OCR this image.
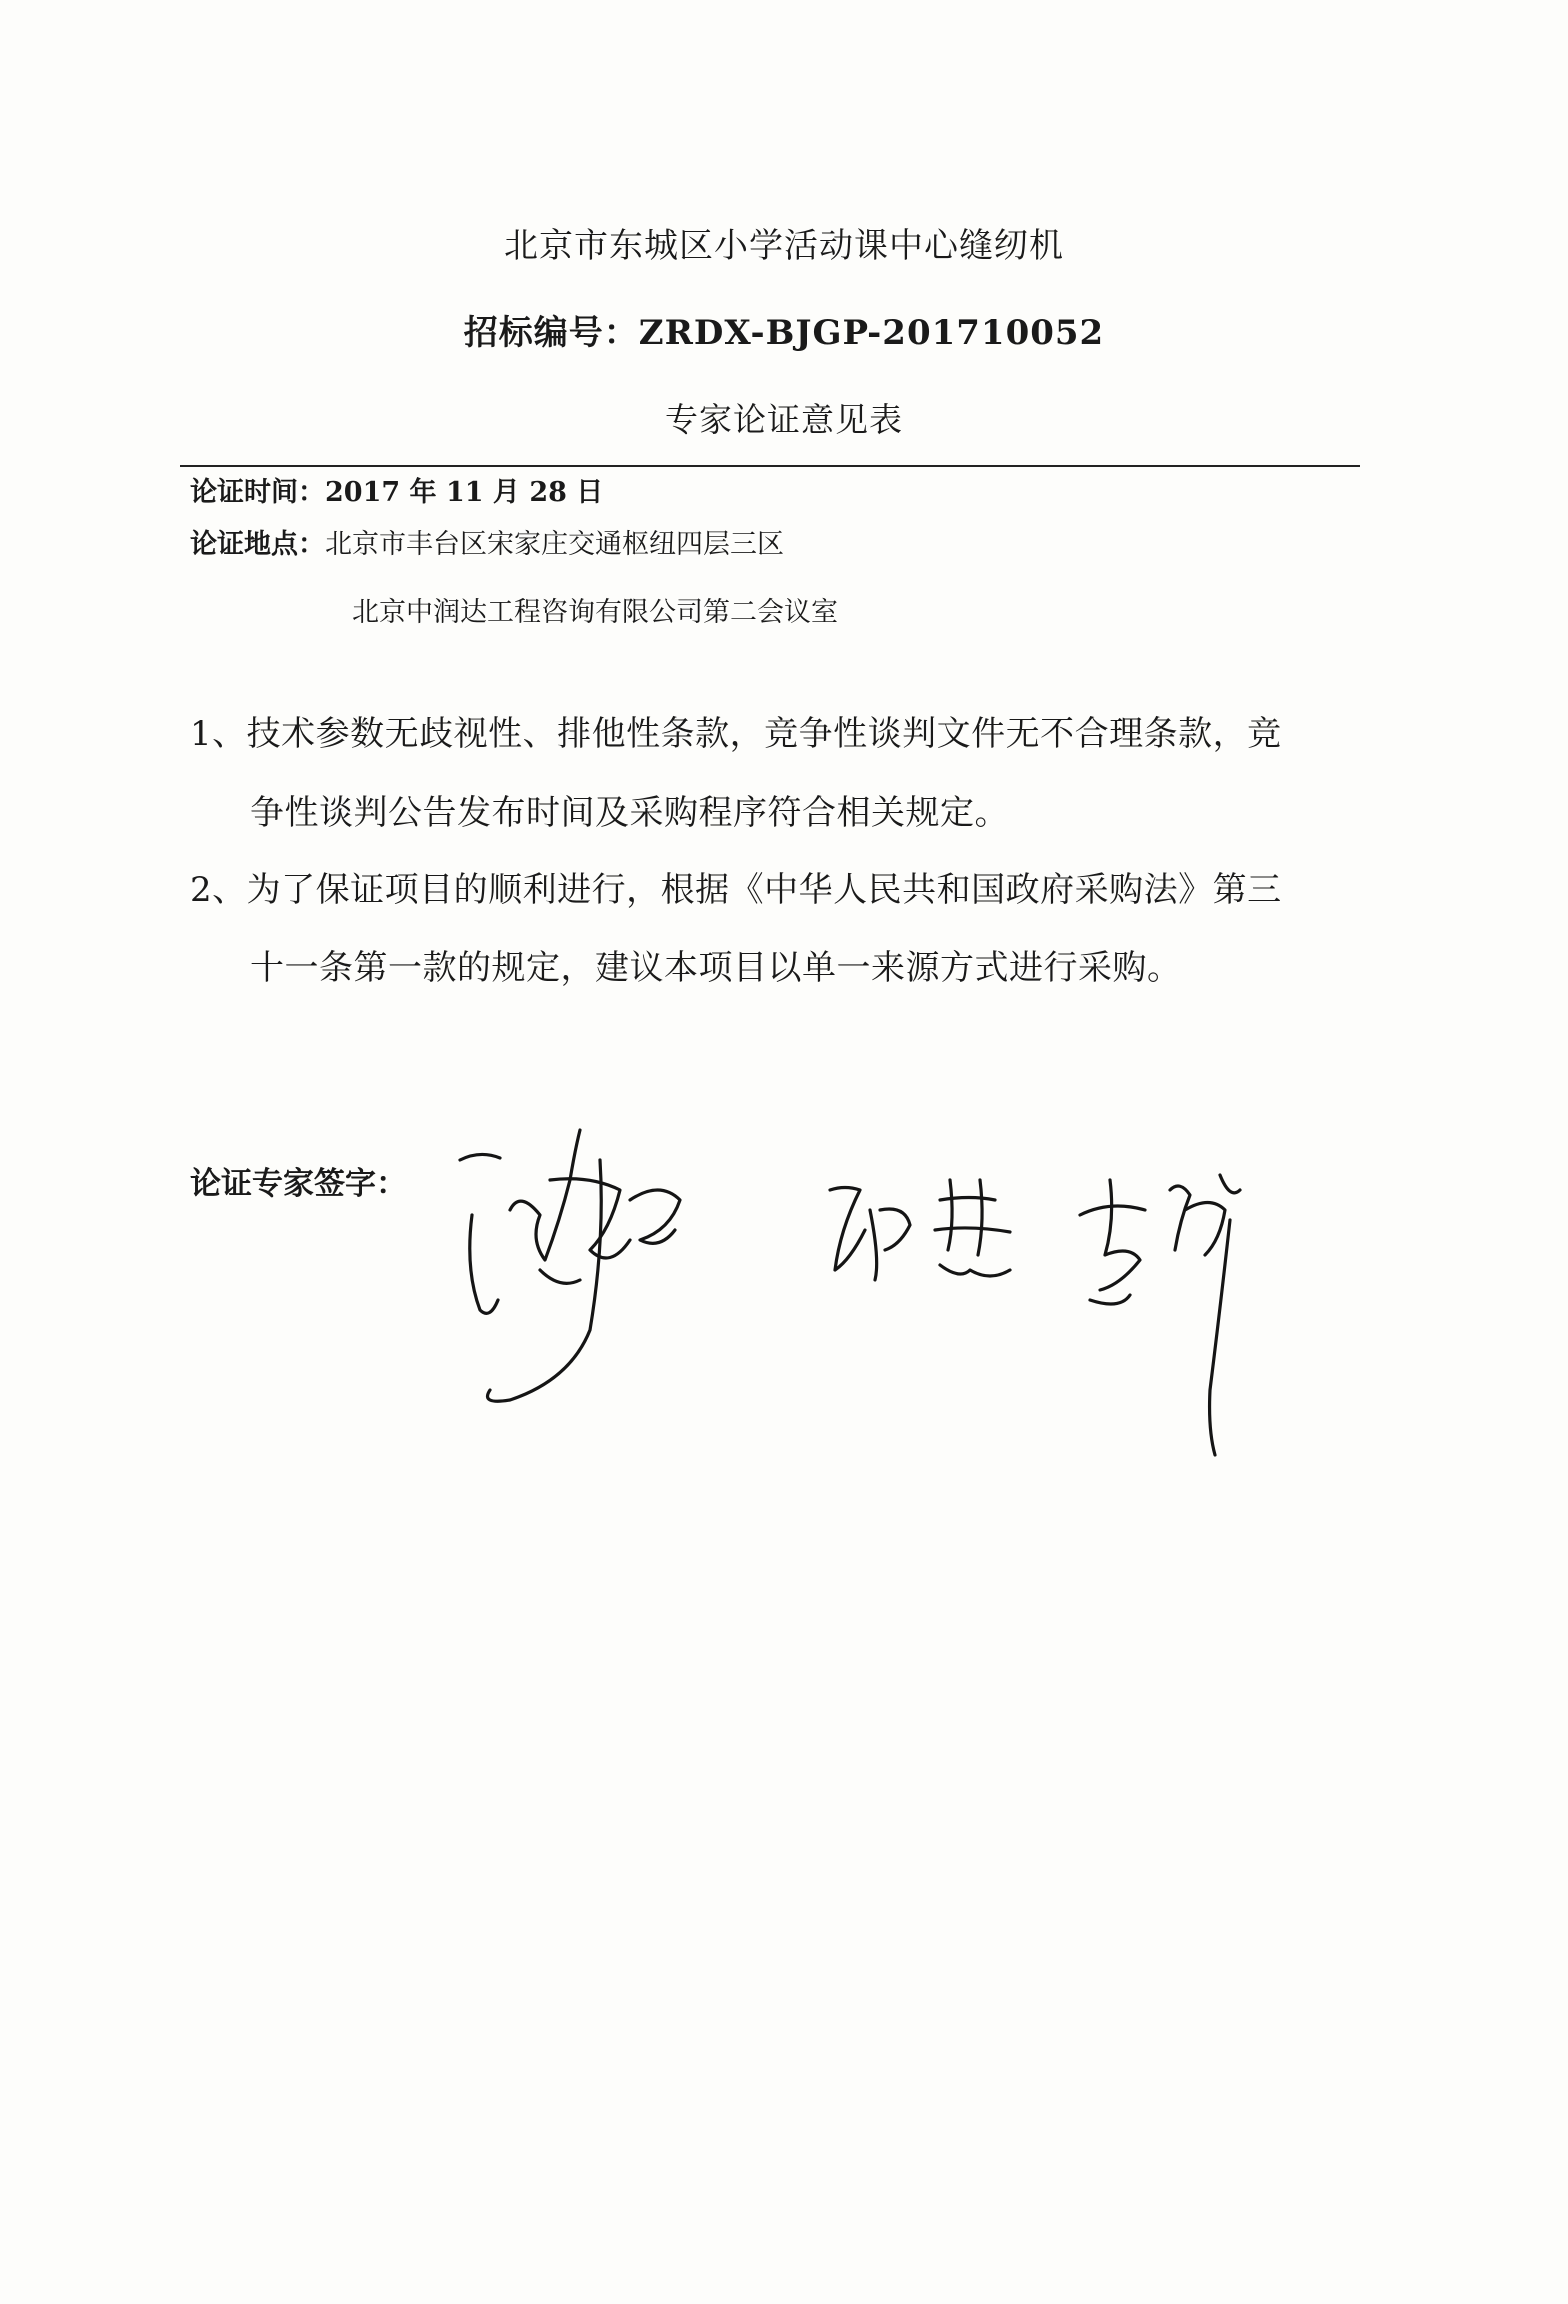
北京市东城区小学活动课中心缝纫机
招标编号：ZRDX-BJGP-201710052
专家论证意见表
论证时间：2017 年 11 月 28 日
论证地点：北京市丰台区宋家庄交通枢纽四层三区
北京中润达工程咨询有限公司第二会议室
1、技术参数无歧视性、排他性条款，竞争性谈判文件无不合理条款，竞
争性谈判公告发布时间及采购程序符合相关规定。
2、为了保证项目的顺利进行，根据《中华人民共和国政府采购法》第三
十一条第一款的规定，建议本项目以单一来源方式进行采购。
论证专家签字：
